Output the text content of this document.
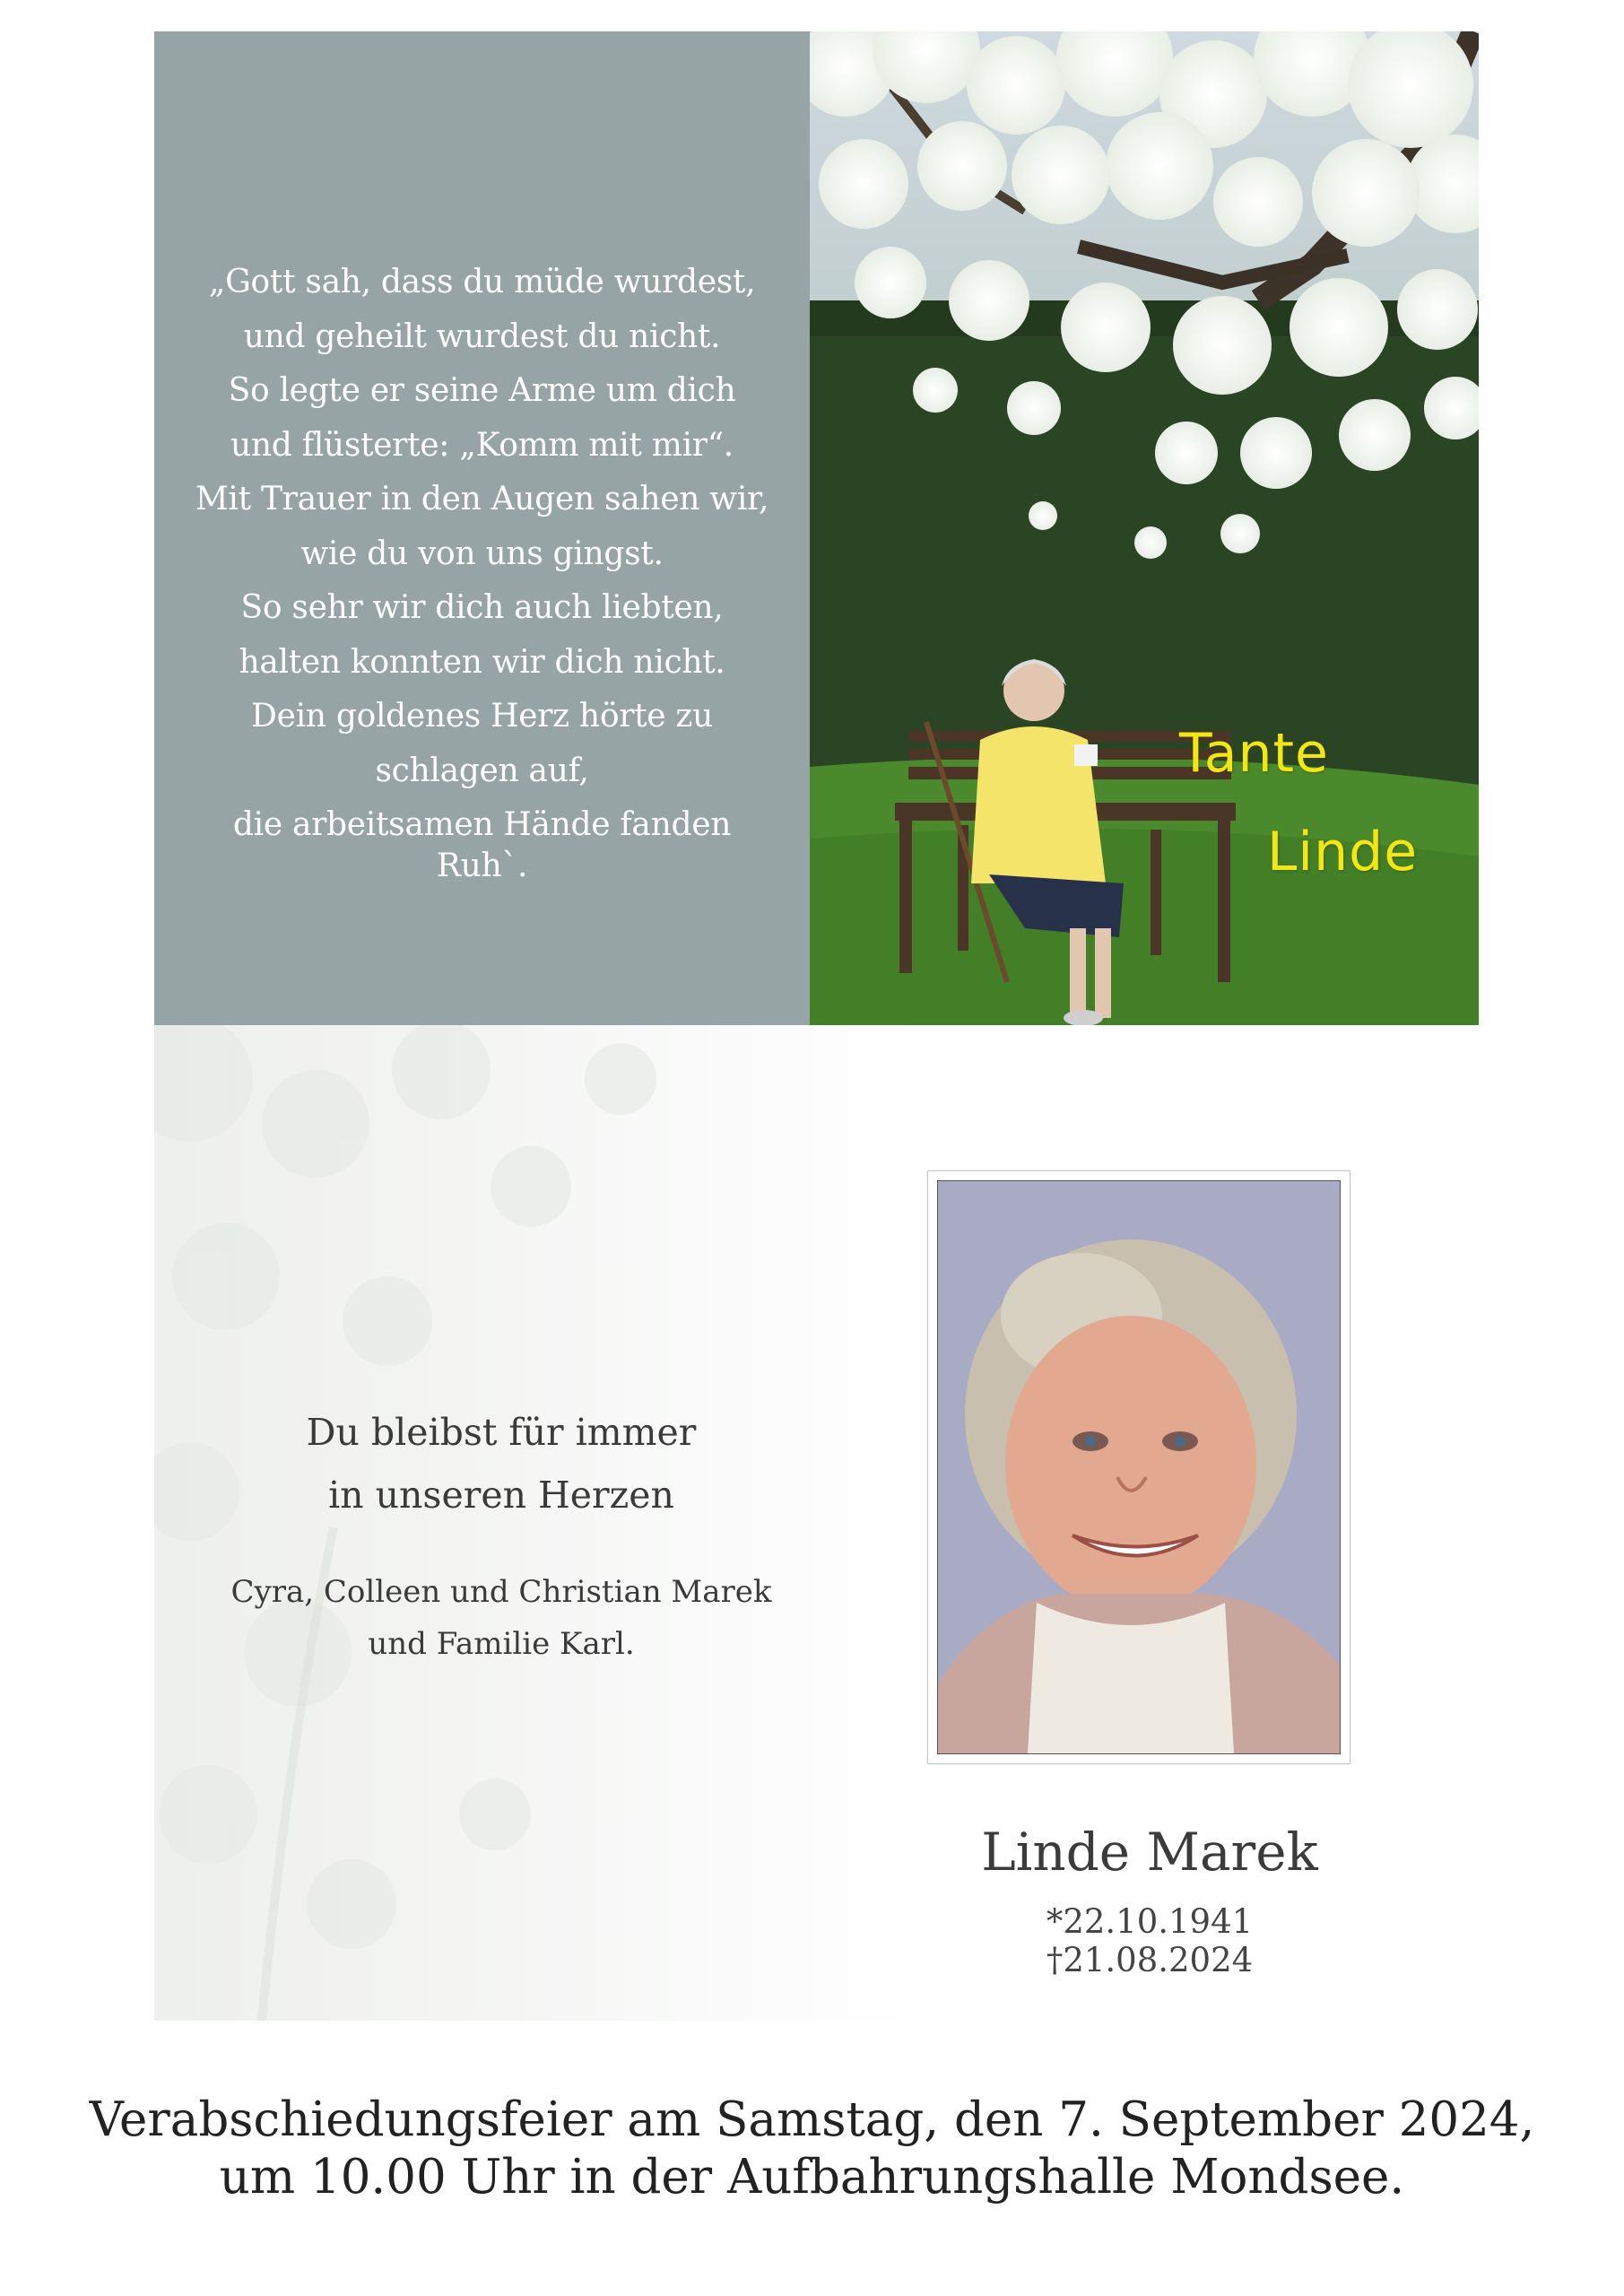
„Gott sah, dass du müde wurdest,
und geheilt wurdest du nicht.
So legte er seine Arme um dich
und flüsterte: „Komm mit mir“.
Mit Trauer in den Augen sahen wir,
wie du von uns gingst.
So sehr wir dich auch liebten,
halten konnten wir dich nicht.
Dein goldenes Herz hörte zu
schlagen auf,
die arbeitsamen Hände fanden
Ruh`.
Tante
Linde
Du bleibst für immer
in unseren Herzen
Cyra, Colleen und Christian Marek
und Familie Karl.
Linde Marek
*22.10.1941†21.08.2024
Verabschiedungsfeier am Samstag, den 7. September 2024,
um 10.00 Uhr in der Aufbahrungshalle Mondsee.
